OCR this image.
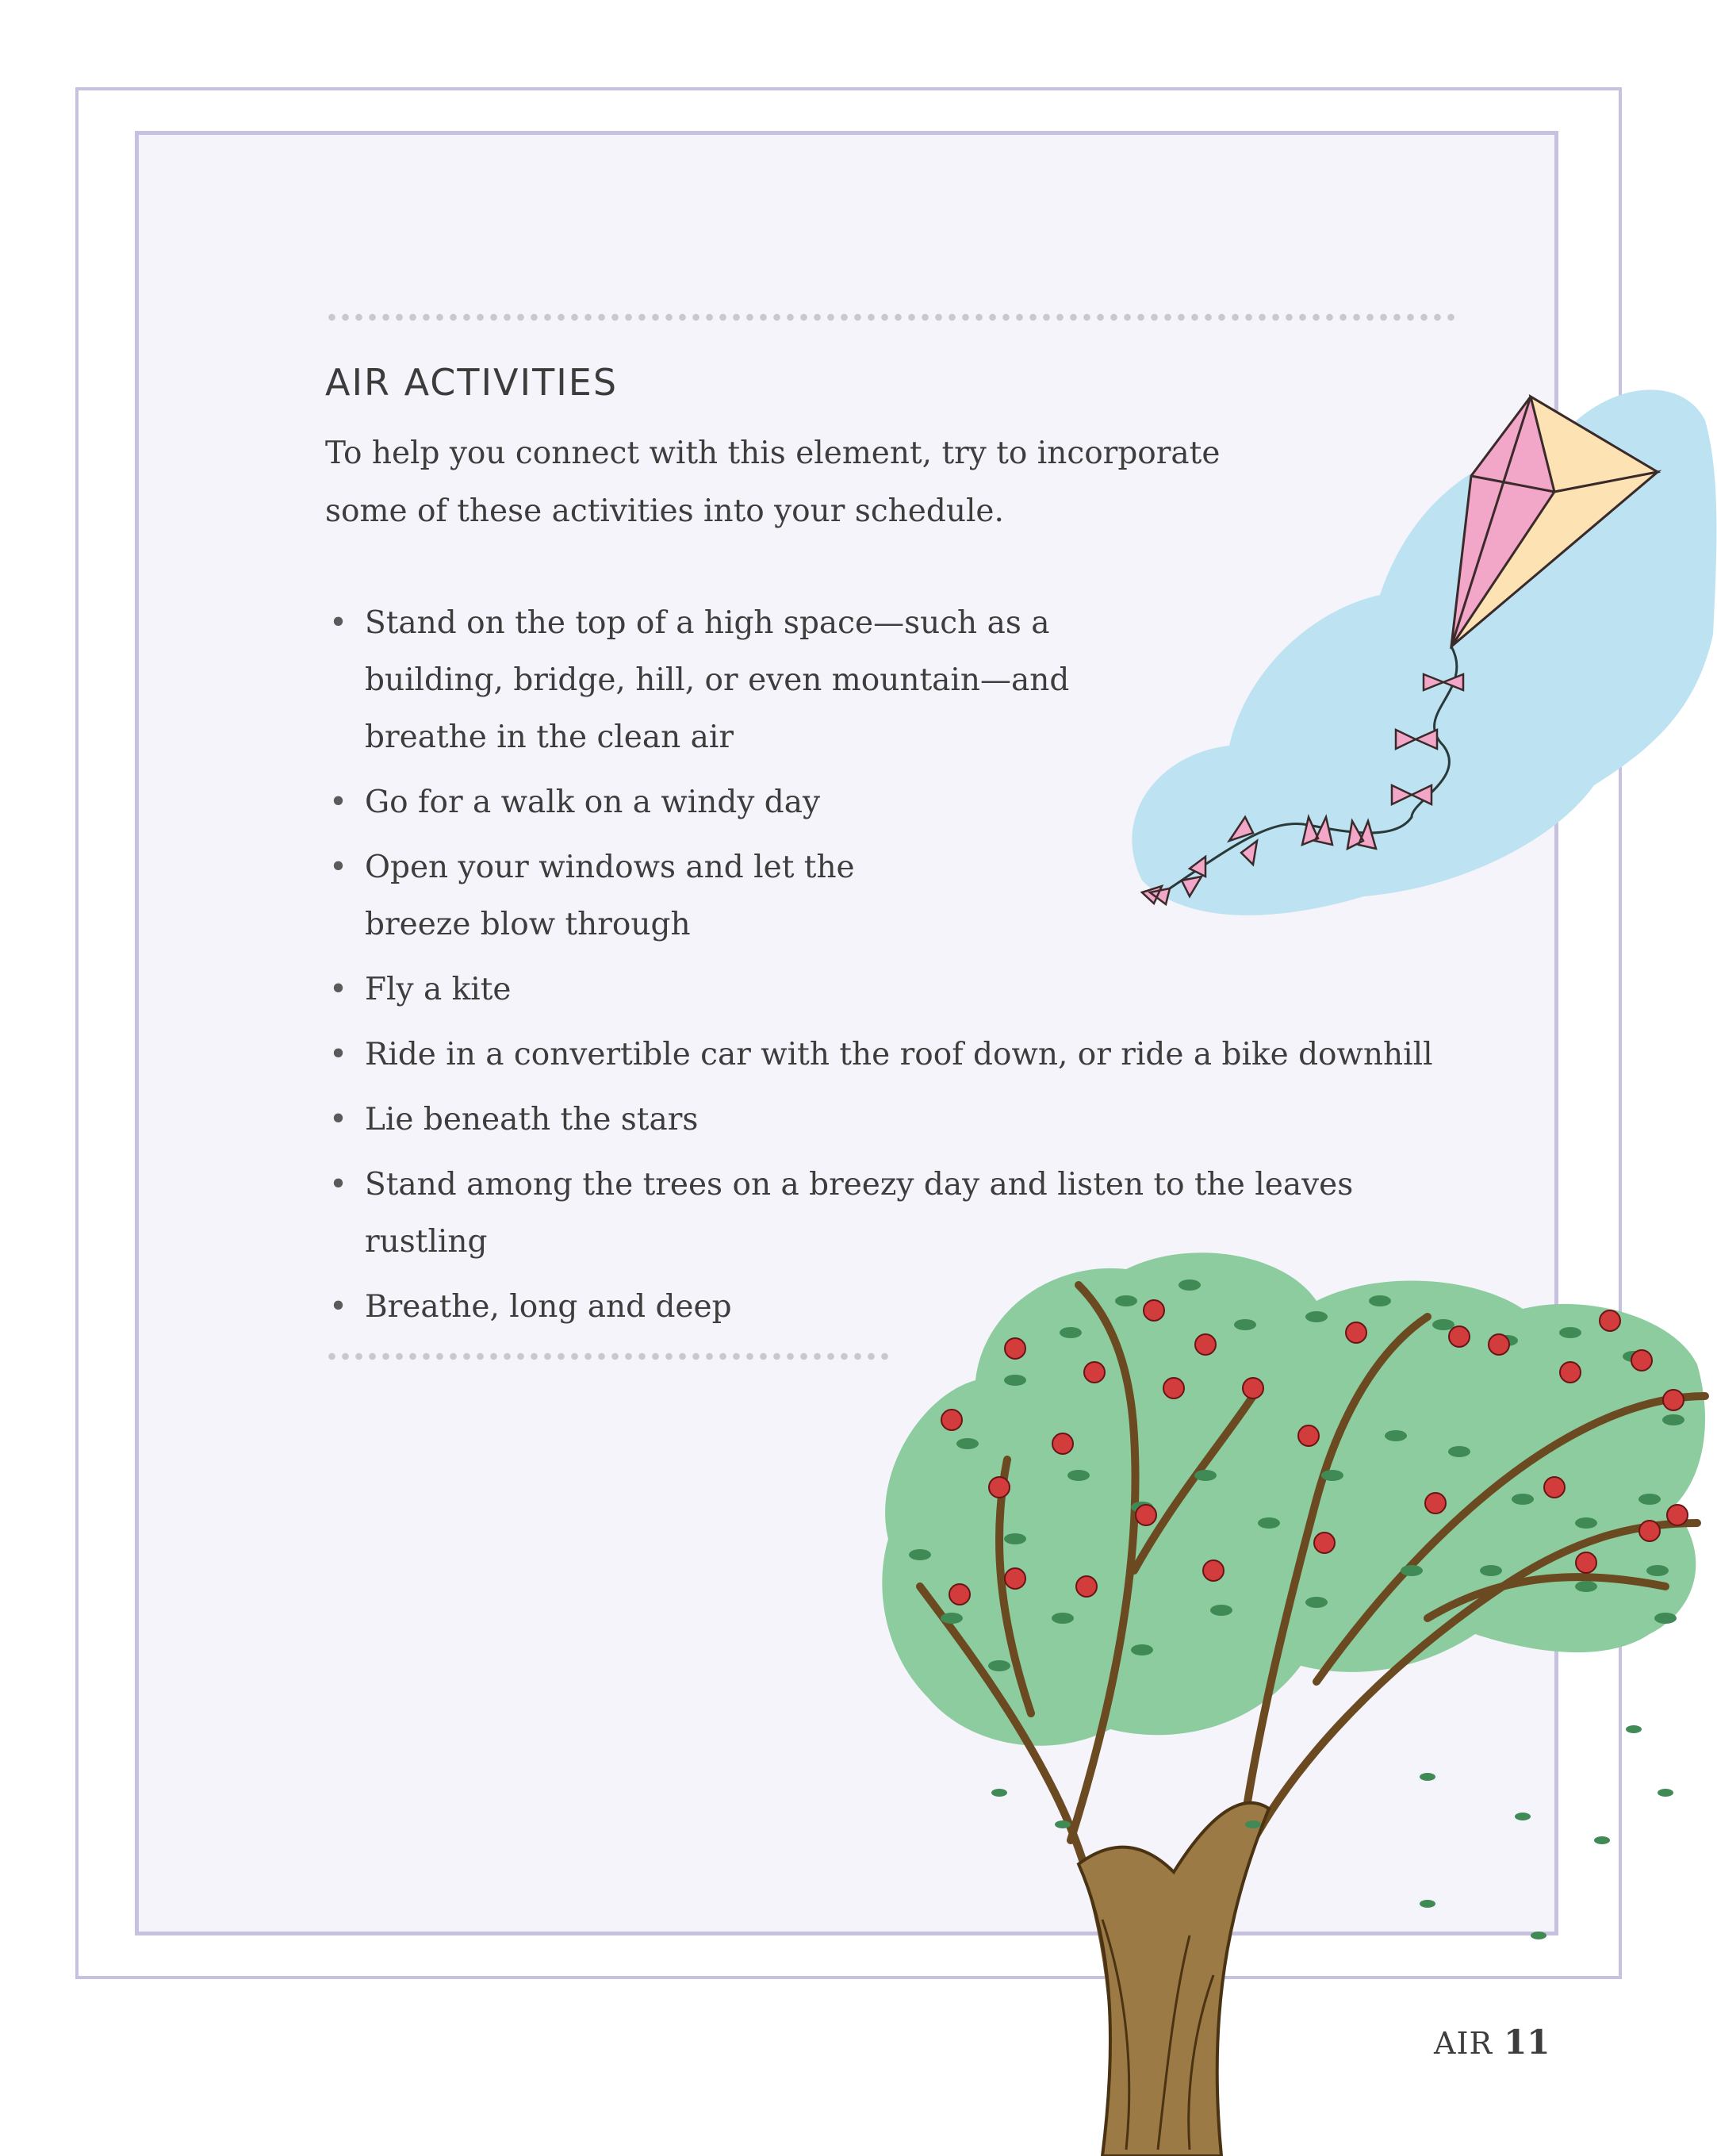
AIR ACTIVITIES

To help you connect with this element, try to incorporate some of these activities into your schedule.

• Stand on the top of a high space—such as a building, bridge, hill, or even mountain—and breathe in the clean air
• Go for a walk on a windy day
• Open your windows and let the breeze blow through
• Fly a kite
• Ride in a convertible car with the roof down, or ride a bike downhill
• Lie beneath the stars
• Stand among the trees on a breezy day and listen to the leaves rustling
• Breathe, long and deep
AIR 11
